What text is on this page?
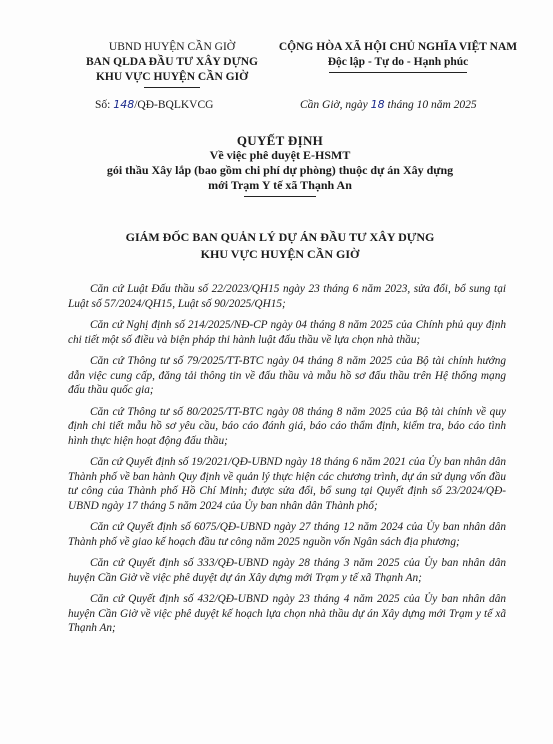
UBND HUYỆN CẦN GIỜ
BAN QLDA ĐẦU TƯ XÂY DỰNG
KHU VỰC HUYỆN CẦN GIỜ
CỘNG HÒA XÃ HỘI CHỦ NGHĨA VIỆT NAM
Độc lập - Tự do - Hạnh phúc
Số: 148/QĐ-BQLKVCG	Cần Giờ, ngày 18 tháng 10 năm 2025
QUYẾT ĐỊNH
Về việc phê duyệt E-HSMT
gói thầu Xây lắp (bao gồm chi phí dự phòng) thuộc dự án Xây dựng
mới Trạm Y tế xã Thạnh An
GIÁM ĐỐC BAN QUẢN LÝ DỰ ÁN ĐẦU TƯ XÂY DỰNG
KHU VỰC HUYỆN CẦN GIỜ

Căn cứ Luật Đấu thầu số 22/2023/QH15 ngày 23 tháng 6 năm 2023, sửa đổi, bổ sung tại Luật số 57/2024/QH15, Luật số 90/2025/QH15;

Căn cứ Nghị định số 214/2025/NĐ-CP ngày 04 tháng 8 năm 2025 của Chính phủ quy định chi tiết một số điều và biện pháp thi hành luật đấu thầu về lựa chọn nhà thầu;

Căn cứ Thông tư số 79/2025/TT-BTC ngày 04 tháng 8 năm 2025 của Bộ tài chính hướng dẫn việc cung cấp, đăng tải thông tin về đấu thầu và mẫu hồ sơ đấu thầu trên Hệ thống mạng đấu thầu quốc gia;

Căn cứ Thông tư số 80/2025/TT-BTC ngày 08 tháng 8 năm 2025 của Bộ tài chính về quy định chi tiết mẫu hồ sơ yêu cầu, báo cáo đánh giá, báo cáo thẩm định, kiểm tra, báo cáo tình hình thực hiện hoạt động đấu thầu;

Căn cứ Quyết định số 19/2021/QĐ-UBND ngày 18 tháng 6 năm 2021 của Ủy ban nhân dân Thành phố về ban hành Quy định về quản lý thực hiện các chương trình, dự án sử dụng vốn đầu tư công của Thành phố Hồ Chí Minh; được sửa đổi, bổ sung tại Quyết định số 23/2024/QĐ-UBND ngày 17 tháng 5 năm 2024 của Ủy ban nhân dân Thành phố;

Căn cứ Quyết định số 6075/QĐ-UBND ngày 27 tháng 12 năm 2024 của Ủy ban nhân dân Thành phố về giao kế hoạch đầu tư công năm 2025 nguồn vốn Ngân sách địa phương;

Căn cứ Quyết định số 333/QĐ-UBND ngày 28 tháng 3 năm 2025 của Ủy ban nhân dân huyện Cần Giờ về việc phê duyệt dự án Xây dựng mới Trạm y tế xã Thạnh An;

Căn cứ Quyết định số 432/QĐ-UBND ngày 23 tháng 4 năm 2025 của Ủy ban nhân dân huyện Cần Giờ về việc phê duyệt kế hoạch lựa chọn nhà thầu dự án Xây dựng mới Trạm y tế xã Thạnh An;
